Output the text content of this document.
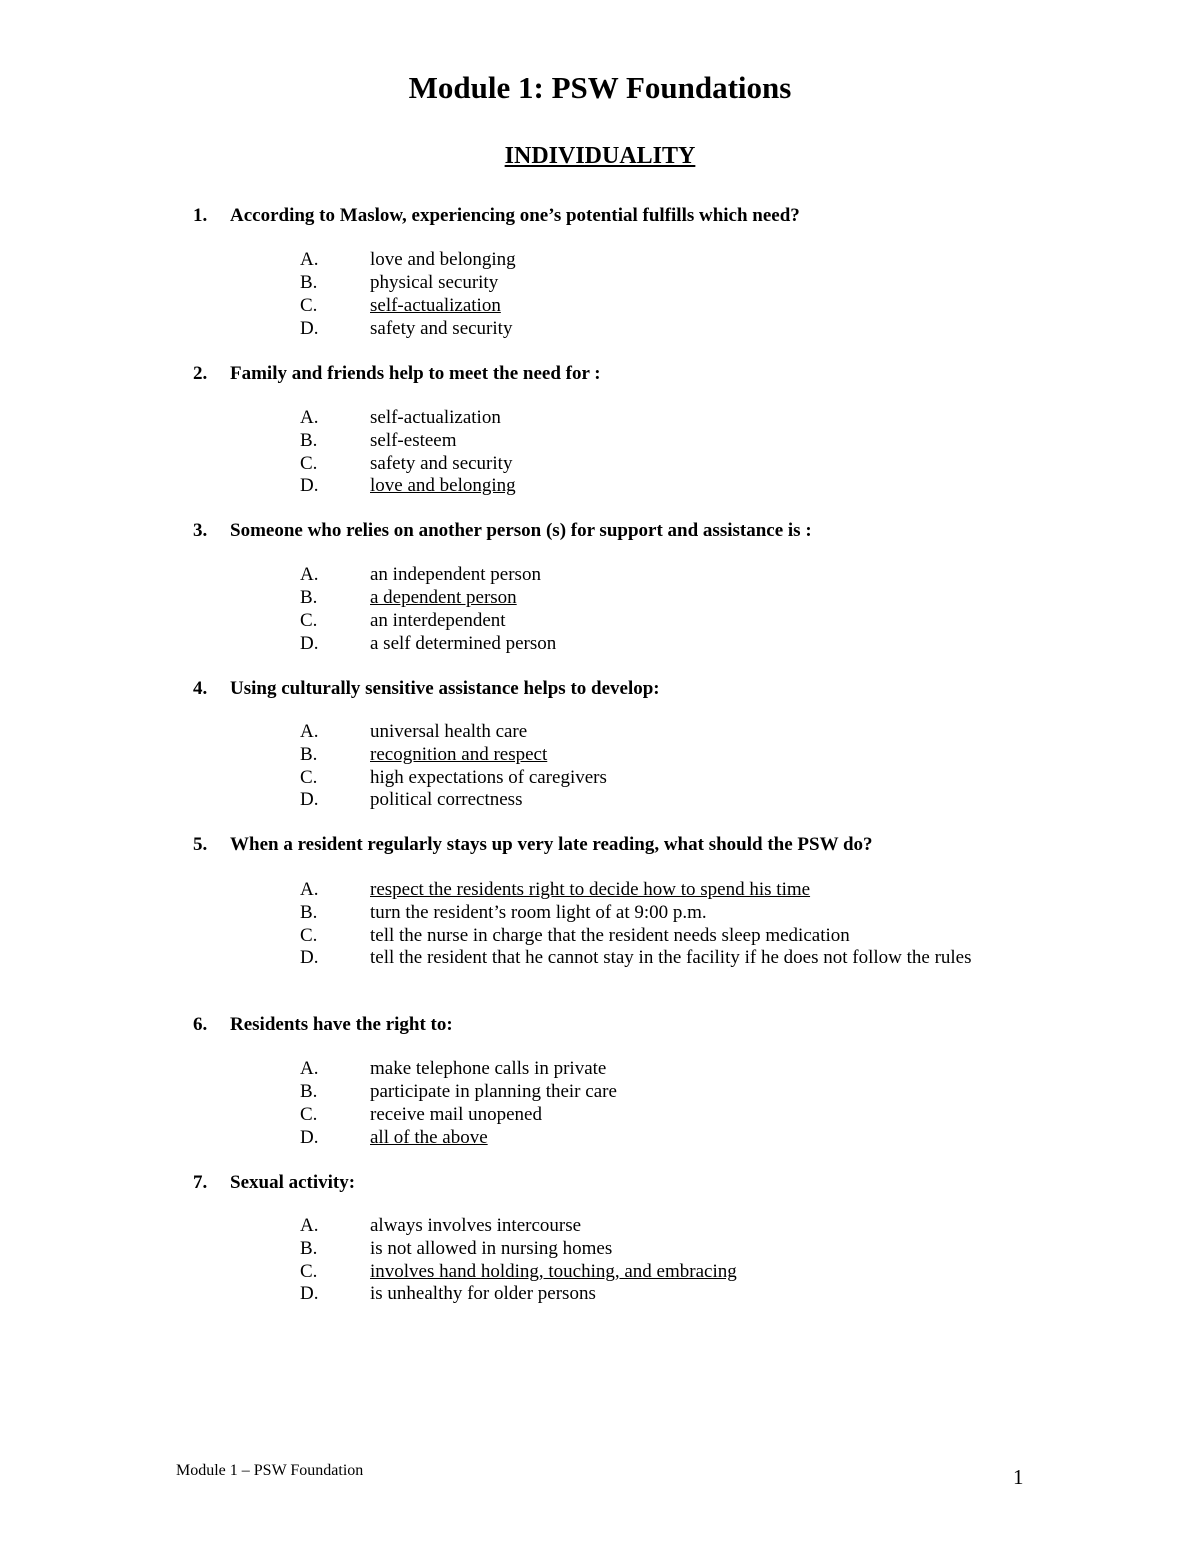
Module 1: PSW Foundations
INDIVIDUALITY
1. According to Maslow, experiencing one’s potential fulfills which need?
A.	love and belonging
B.	physical security
C.	self-actualization
D.	safety and security
2. Family and friends help to meet the need for :
A.	self-actualization
B.	self-esteem
C.	safety and security
D.	love and belonging
3. Someone who relies on another person (s) for support and assistance is :
A.	an independent person
B.	a dependent person
C.	an interdependent
D.	a self determined person
4. Using culturally sensitive assistance helps to develop:
A.	universal health care
B.	recognition and respect
C.	high expectations of caregivers
D.	political correctness
5. When a resident regularly stays up very late reading, what should the PSW do?
A.	respect the residents right to decide how to spend his time
B.	turn the resident’s room light of at 9:00 p.m.
C.	tell the nurse in charge that the resident needs sleep medication
D.	tell the resident that he cannot stay in the facility if he does not follow the rules
6. Residents have the right to:
A.	make telephone calls in private
B.	participate in planning their care
C.	receive mail unopened
D.	all of the above
7. Sexual activity:
A.	always involves intercourse
B.	is not allowed in nursing homes
C.	involves hand holding, touching, and embracing
D.	is unhealthy for older persons
Module 1 – PSW Foundation	1
